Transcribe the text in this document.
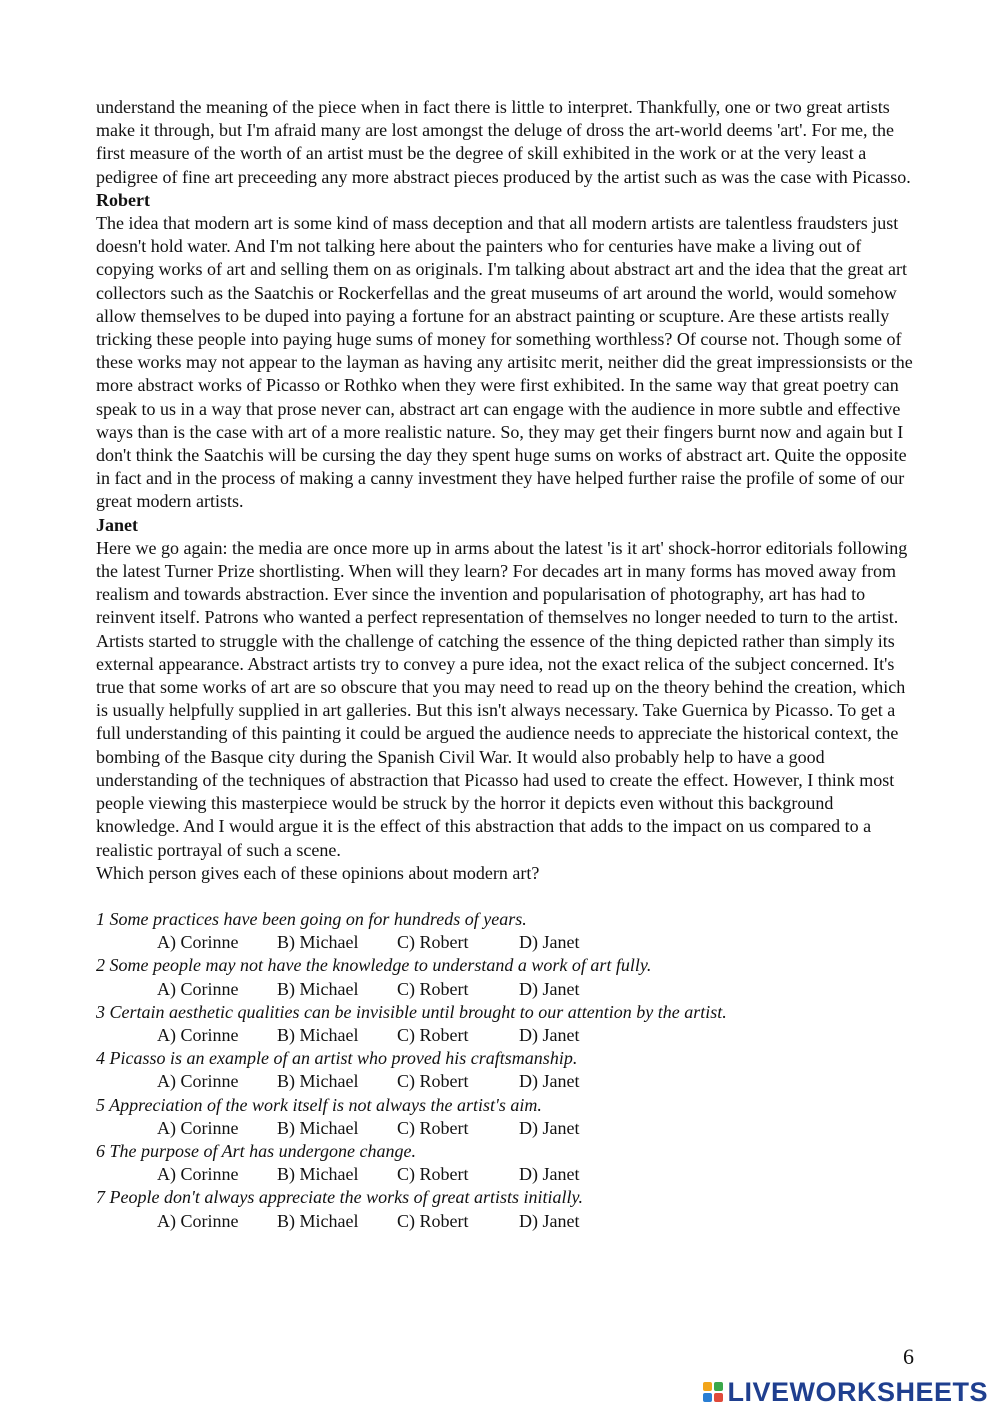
understand the meaning of the piece when in fact there is little to interpret. Thankfully, one or two great artists make it through, but I'm afraid many are lost amongst the deluge of dross the art-world deems 'art'. For me, the first measure of the worth of an artist must be the degree of skill exhibited in the work or at the very least a pedigree of fine art preceeding any more abstract pieces produced by the artist such as was the case with Picasso.

Robert

The idea that modern art is some kind of mass deception and that all modern artists are talentless fraudsters just doesn't hold water. And I'm not talking here about the painters who for centuries have make a living out of copying works of art and selling them on as originals. I'm talking about abstract art and the idea that the great art collectors such as the Saatchis or Rockerfellas and the great museums of art around the world, would somehow allow themselves to be duped into paying a fortune for an abstract painting or scupture. Are these artists really tricking these people into paying huge sums of money for something worthless? Of course not. Though some of these works may not appear to the layman as having any artisitc merit, neither did the great impressionsists or the more abstract works of Picasso or Rothko when they were first exhibited. In the same way that great poetry can speak to us in a way that prose never can, abstract art can engage with the audience in more subtle and effective ways than is the case with art of a more realistic nature. So, they may get their fingers burnt now and again but I don't think the Saatchis will be cursing the day they spent huge sums on works of abstract art. Quite the opposite in fact and in the process of making a canny investment they have helped further raise the profile of some of our great modern artists.

Janet

Here we go again: the media are once more up in arms about the latest 'is it art' shock-horror editorials following the latest Turner Prize shortlisting. When will they learn? For decades art in many forms has moved away from realism and towards abstraction. Ever since the invention and popularisation of photography, art has had to reinvent itself. Patrons who wanted a perfect representation of themselves no longer needed to turn to the artist. Artists started to struggle with the challenge of catching the essence of the thing depicted rather than simply its external appearance. Abstract artists try to convey a pure idea, not the exact relica of the subject concerned. It's true that some works of art are so obscure that you may need to read up on the theory behind the creation, which is usually helpfully supplied in art galleries. But this isn't always necessary. Take Guernica by Picasso. To get a full understanding of this painting it could be argued the audience needs to appreciate the historical context, the bombing of the Basque city during the Spanish Civil War. It would also probably help to have a good understanding of the techniques of abstraction that Picasso had used to create the effect. However, I think most people viewing this masterpiece would be struck by the horror it depicts even without this background knowledge. And I would argue it is the effect of this abstraction that adds to the impact on us compared to a realistic portrayal of such a scene.

Which person gives each of these opinions about modern art?

1 Some practices have been going on for hundreds of years.

A) Corinne	B) Michael	C) Robert	D) Janet

2 Some people may not have the knowledge to understand a work of art fully.

A) Corinne	B) Michael	C) Robert	D) Janet

3 Certain aesthetic qualities can be invisible until brought to our attention by the artist.

A) Corinne	B) Michael	C) Robert	D) Janet

4 Picasso is an example of an artist who proved his craftsmanship.

A) Corinne	B) Michael	C) Robert	D) Janet

5 Appreciation of the work itself is not always the artist's aim.

A) Corinne	B) Michael	C) Robert	D) Janet

6 The purpose of Art has undergone change.

A) Corinne	B) Michael	C) Robert	D) Janet

7 People don't always appreciate the works of great artists initially.

A) Corinne	B) Michael	C) Robert	D) Janet
6
LIVEWORKSHEETS
